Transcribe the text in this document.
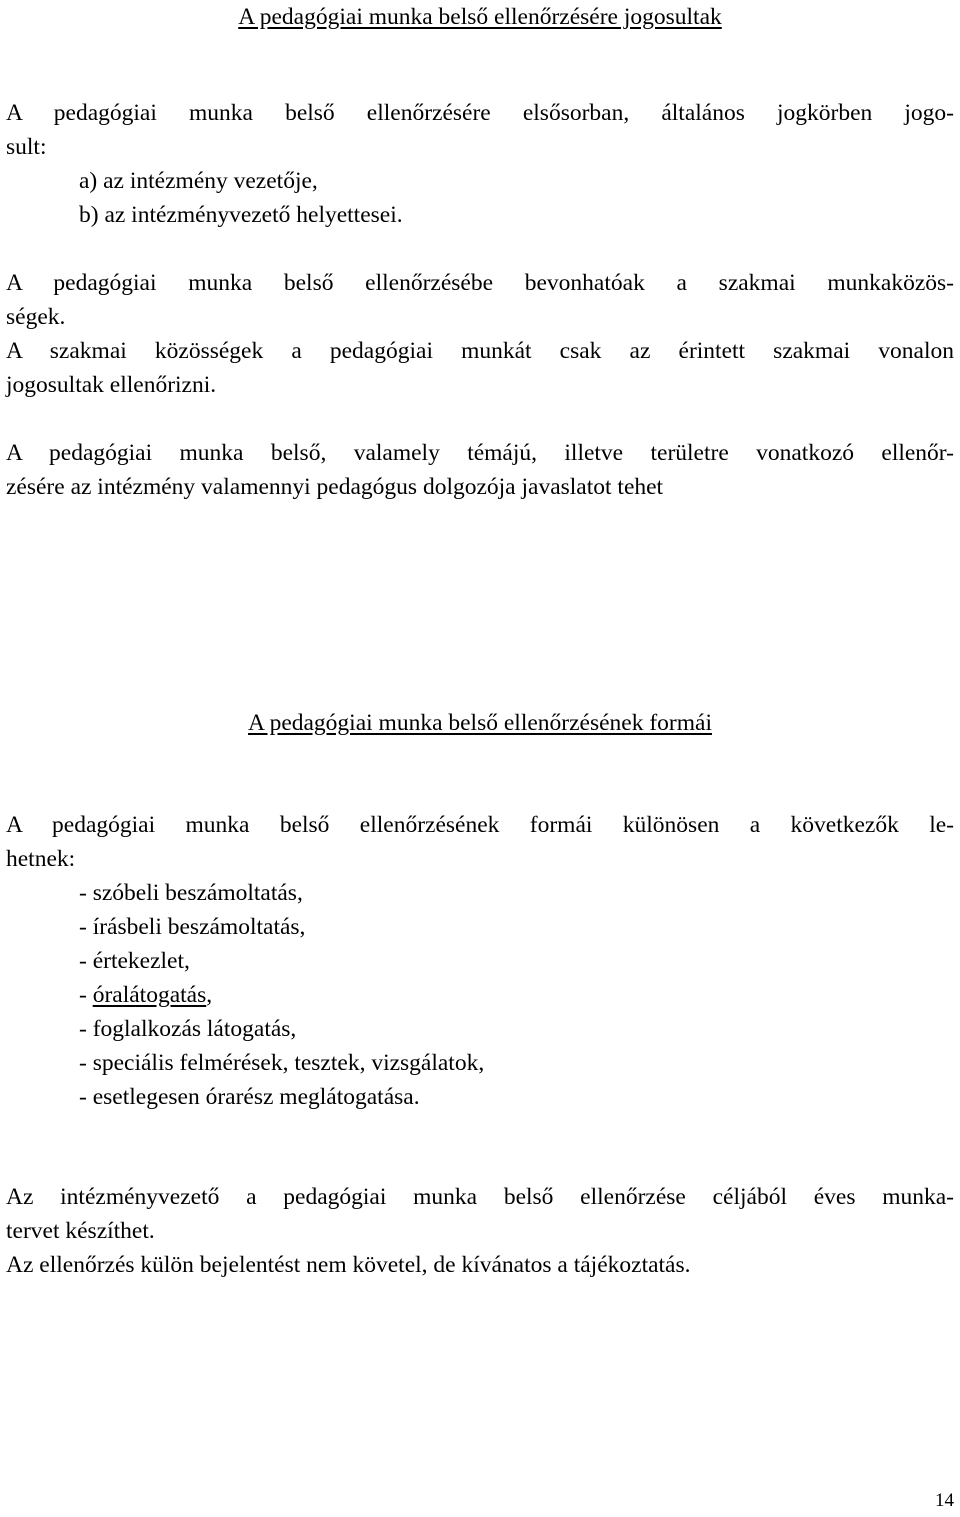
A pedagógiai munka belső ellenőrzésére jogosultak
A pedagógiai munka belső ellenőrzésére elsősorban, általános jogkörben jogo-
sult:
a) az intézmény vezetője,
b) az intézményvezető helyettesei.
A pedagógiai munka belső ellenőrzésébe bevonhatóak a szakmai munkaközös-
ségek.
A szakmai közösségek a pedagógiai munkát csak az érintett szakmai vonalon
jogosultak ellenőrizni.
A pedagógiai munka belső, valamely témájú, illetve területre vonatkozó ellenőr-
zésére az intézmény valamennyi pedagógus dolgozója javaslatot tehet
A pedagógiai munka belső ellenőrzésének formái
A pedagógiai munka belső ellenőrzésének formái különösen a következők le-
hetnek:
- szóbeli beszámoltatás,
- írásbeli beszámoltatás,
- értekezlet,
- óralátogatás,
- foglalkozás látogatás,
- speciális felmérések, tesztek, vizsgálatok,
- esetlegesen órarész meglátogatása.
Az intézményvezető a pedagógiai munka belső ellenőrzése céljából éves munka-
tervet készíthet.
Az ellenőrzés külön bejelentést nem követel, de kívánatos a tájékoztatás.
14
